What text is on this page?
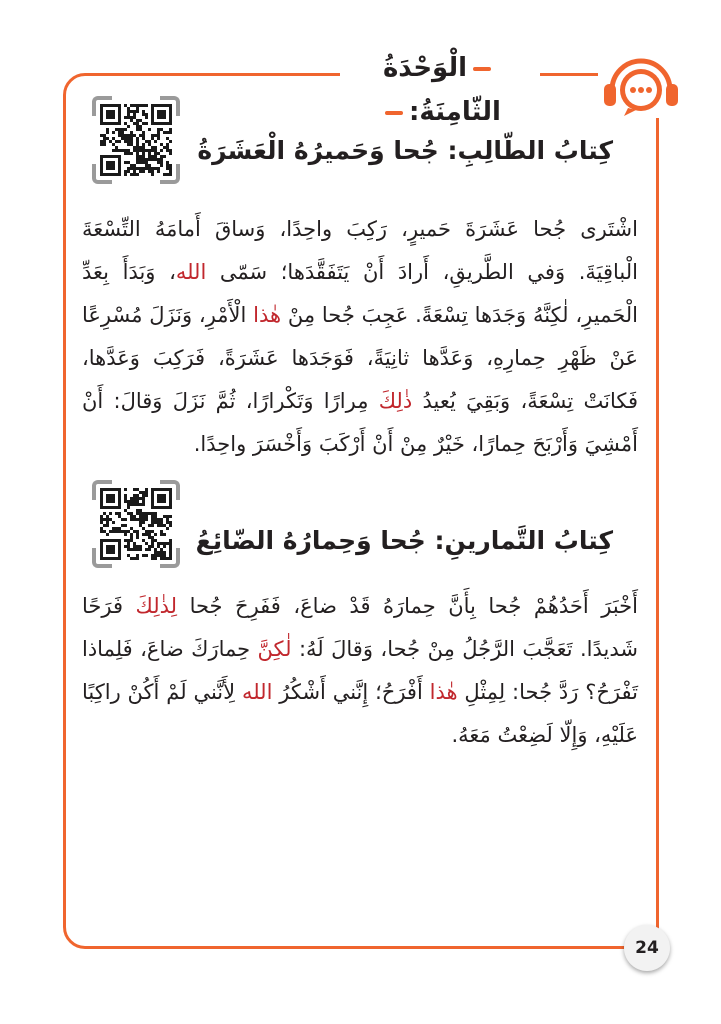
الْوَحْدَةُ الثّامِنَةُ:
كِتابُ الطّالِبِ: جُحا وَحَميرُهُ الْعَشَرَةُ
اشْتَرى جُحا عَشَرَةَ حَميرٍ، رَكِبَ واحِدًا، وَساقَ أَمامَهُ التِّسْعَةَ الْباقِيَةَ. وَفي الطَّريقِ، أَرادَ أَنْ يَتَفَقَّدَها؛ سَمّى الله، وَبَدَأَ بِعَدِّ الْحَميرِ، لٰكِنَّهُ وَجَدَها تِسْعَةً. عَجِبَ جُحا مِنْ هٰذا الْأَمْرِ، وَنَزَلَ مُسْرِعًا عَنْ ظَهْرِ حِمارِهِ، وَعَدَّها ثانِيَةً، فَوَجَدَها عَشَرَةً، فَرَكِبَ وَعَدَّها، فَكانَتْ تِسْعَةً، وَبَقِيَ يُعيدُ ذٰلِكَ مِرارًا وَتَكْرارًا، ثُمَّ نَزَلَ وَقالَ: أَنْ أَمْشِيَ وَأَرْبَحَ حِمارًا، خَيْرٌ مِنْ أَنْ أَرْكَبَ وَأَخْسَرَ واحِدًا.
كِتابُ التَّمارينِ: جُحا وَحِمارُهُ الضّائِعُ
أَخْبَرَ أَحَدُهُمْ جُحا بِأَنَّ حِمارَهُ قَدْ ضاعَ، فَفَرِحَ جُحا لِذٰلِكَ فَرَحًا شَديدًا. تَعَجَّبَ الرَّجُلُ مِنْ جُحا، وَقالَ لَهُ: لٰكِنَّ حِمارَكَ ضاعَ، فَلِماذا تَفْرَحُ؟ رَدَّ جُحا: لِمِثْلِ هٰذا أَفْرَحُ؛ إِنَّني أَشْكُرُ الله لِأَنَّني لَمْ أَكُنْ راكِبًا عَلَيْهِ، وَإِلّا لَضِعْتُ مَعَهُ.
24
